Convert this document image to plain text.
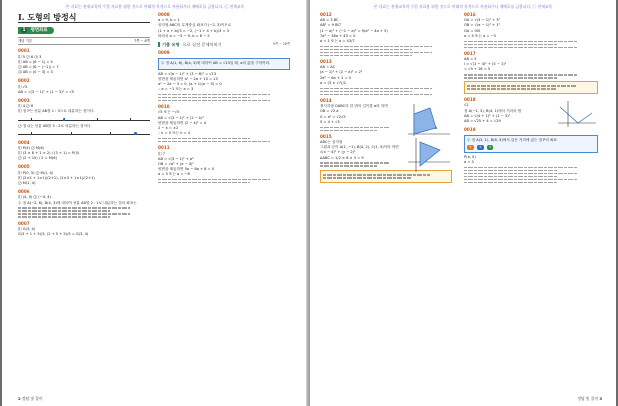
본 자료는 천재교육의 수업 자료용 위한 것으로 이외의 목적으로 사용하거나 재배포를 금합니다. ⓒ 천재교육
I. 도형의 방정식
1 평면좌표
개념 기본	7쪽 ~ 8쪽
0001
⑴ 5 ⑵ 6 ⑶ 3
⑴ AB = |6 − 1| = 5
⑵ AB = |6 − (−1)| = 7
⑶ AB = |0 − 3| = 3
0002
⑴ √5
AB = √(3 − 1)² + (1 − 3)² = √5
0003
⑴ 4 ⑵ 6
⑴ 점 P는 선분 AB를 1 : 3으로 내분하는 점이다.
⑵ 점 Q는 선분 AB를 3 : 2로 외분하는 점이다.
0004
⑴ P(4) ⑵ M(6)
⑴ (3 × 8 + 1 × 2) / (3 + 1) = P(5)
⑵ (2 + 10) / 2 = M(6)
0005
⑴ P(0, 5) ⑵ M(1, 4)
⑴ (2×5 + 1×1)/(2+1), (2×3 + 1×1)/(2+1)
⑵ M(1, 4)
0006
⑴ (4, 0) ⑵ (−4, 4)
두 점 A(−2, 6), B(4, 3)에 대하여 선분 AB를 2 : 1로 내분하는 점의 좌표는
0007
⑴ G(3, 4)
G(3 + 1 + 5)/3, (2 + 5 + 5)/3 = G(3, 4)
0008
a = 9, b = 1
삼각형 ABC의 무게중심 좌표가 (−2, 3)이므로
(1 + a + b)/3 = −2, (−1 + 4 + b)/3 = 3
따라서 a = −5 − 9, b = 8 − 5
기출 유형 으로 실전 문제익히기	9쪽 ~ 28쪽
0009
두 점 A(1, 6), B(a, 3)에 대하여 AB = √13일 때, a의 값을 구하여라.
AB = √(a − 1)² + (3 − 6)² = √13
양변을 제곱하면 a² − 2a + 10 = 13
a² − 2a − 3 = 0, (a + 1)(a − 3) = 0
∴ a = −1 또는 a = 3
0010
√5 또는 −√5
AB = √(3 − 1)² + (2 − k)²
양변을 제곱하면 (2 − k)² = 4
2 − k = ±2
∴ k = 0 또는 k = 4
0011
⑴ 7
AB = √(3 − 1)² + a²
OB = √a² + (a − 4)²
양변을 제곱하면 5a − 8a + 8 = 0
a = 3 또는 a = −8
2 정답 및 풀이
본 자료는 천재교육의 수업 자료용 위한 것으로 이외의 목적으로 사용하거나 재배포를 금합니다. ⓒ 천재교육
0012
AB = 3 BC
AB² = 9 BC²
(1 − a)² + (−1 − a)² = 9(a² − 4a + 5)
7a² − 36a + 43 = 0
a = 1 또는 a = 43/7
0013
AB = AC
(a − 1)² + (2 − a)² = 2²
2a² − 6a + 1 = 0
a = (3 ± √7)/2
0014
정사각형 OABC의 한 변의 길이를 a라 하면
OB = √2 a
S = a² = √2√5
S = 4 + √5
0015
ABC는 삼각형
그림과 같이 A(1, −1), B(4, 2), C(1, 5)이라 하면
√(x − 4)² + (y − 2)²
ΔABC = 1/2 × 6 × 3 = 9
0016
OA = √(4 − 1)² + 3²
OB = √(a − 1)² + 1²
OA = OB
a = 5 또는 a = −3
0017
AB = 5
l = √(1 − 4)² + (5 − 1)²
= √9 + 16 = 5
0018
√2
점 A(−1, 3), B(4, 1)에서 거리의 합
AB = √(4 + 1)² + (1 − 3)²
AB = √25 + 4 = √29
0019
두 점 A(3, 1), B(6, 5)에서 같은 거리에 있는 점 P의 좌표
① ② ③
P(a, 0)
a = 3
정답 및 풀이 3
